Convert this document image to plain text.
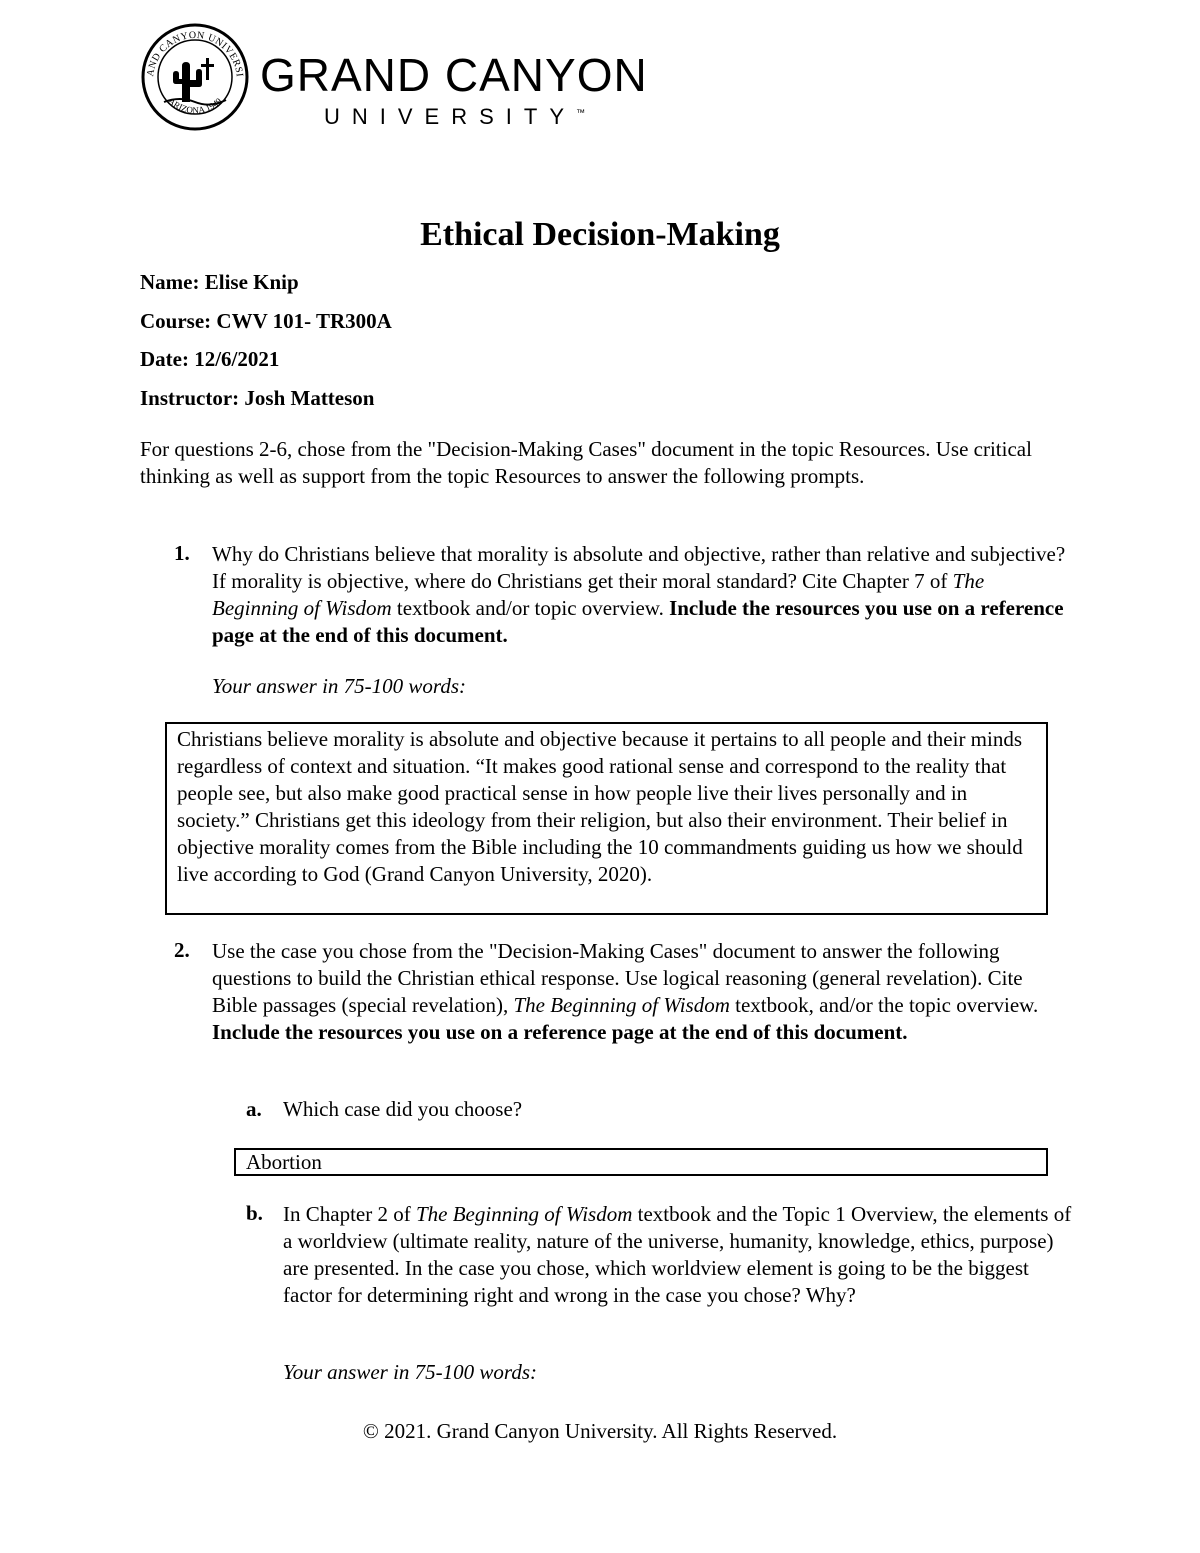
AND CANYON UNIVERSI
ARIZONA 1949
GRAND CANYON
UNIVERSITY™
Ethical Decision-Making
Name: Elise Knip
Course: CWV 101- TR300A
Date: 12/6/2021
Instructor: Josh Matteson
For questions 2-6, chose from the "Decision-Making Cases" document in the topic Resources. Use critical thinking as well as support from the topic Resources to answer the following prompts.
1. Why do Christians believe that morality is absolute and objective, rather than relative and subjective? If morality is objective, where do Christians get their moral standard? Cite Chapter 7 of The Beginning of Wisdom textbook and/or topic overview. Include the resources you use on a reference page at the end of this document.
Your answer in 75-100 words:
Christians believe morality is absolute and objective because it pertains to all people and their minds regardless of context and situation. “It makes good rational sense and correspond to the reality that people see, but also make good practical sense in how people live their lives personally and in society.” Christians get this ideology from their religion, but also their environment. Their belief in objective morality comes from the Bible including the 10 commandments guiding us how we should live according to God (Grand Canyon University, 2020).
2. Use the case you chose from the "Decision-Making Cases" document to answer the following questions to build the Christian ethical response. Use logical reasoning (general revelation). Cite Bible passages (special revelation), The Beginning of Wisdom textbook, and/or the topic overview. Include the resources you use on a reference page at the end of this document.
a. Which case did you choose?
Abortion
b. In Chapter 2 of The Beginning of Wisdom textbook and the Topic 1 Overview, the elements of a worldview (ultimate reality, nature of the universe, humanity, knowledge, ethics, purpose) are presented. In the case you chose, which worldview element is going to be the biggest factor for determining right and wrong in the case you chose? Why?
Your answer in 75-100 words:
© 2021. Grand Canyon University. All Rights Reserved.
